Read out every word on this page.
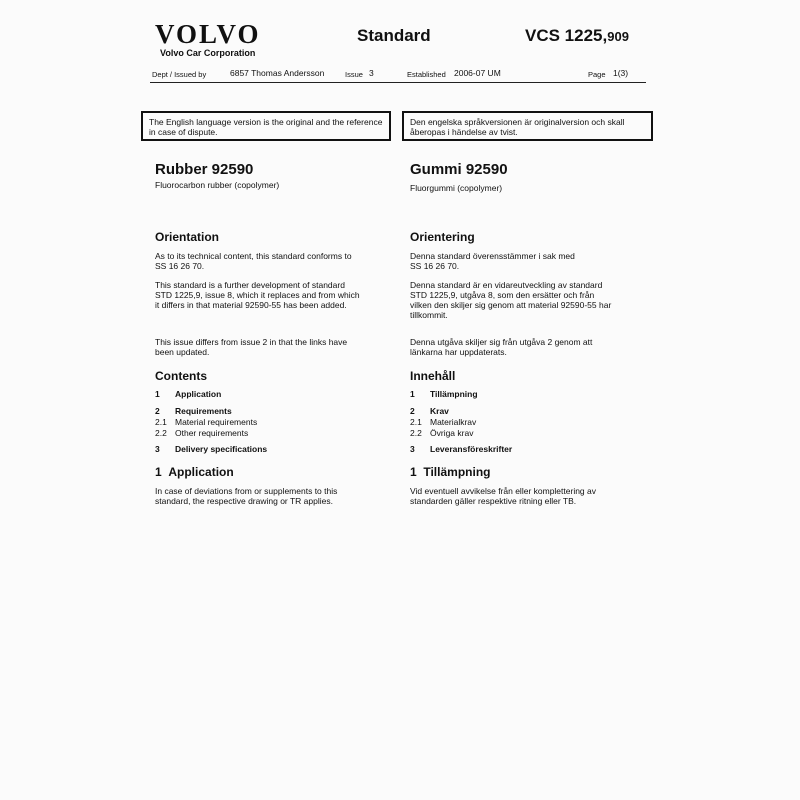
VOLVO
Volvo Car Corporation
Standard	VCS 1225,909
Dept / Issued by	6857 Thomas Andersson	Issue 3	Established 2006-07 UM	Page 1(3)
The English language version is the original and the reference in case of dispute.
Den engelska språkversionen är originalversion och skall åberopas i händelse av tvist.
Rubber 92590
Fluorocarbon rubber (copolymer)
Orientation
As to its technical content, this standard conforms to
SS 16 26 70.
This standard is a further development of standard
STD 1225,9, issue 8, which it replaces and from which
it differs in that material 92590-55 has been added.
This issue differs from issue 2 in that the links have
been updated.
Contents
1 Application
2 Requirements
2.1 Material requirements
2.2 Other requirements
3 Delivery specifications
1 Application
In case of deviations from or supplements to this
standard, the respective drawing or TR applies.
Gummi 92590
Fluorgummi (copolymer)
Orientering
Denna standard överensstämmer i sak med
SS 16 26 70.
Denna standard är en vidareutveckling av standard
STD 1225,9, utgåva 8, som den ersätter och från
vilken den skiljer sig genom att material 92590-55 har
tillkommit.
Denna utgåva skiljer sig från utgåva 2 genom att
länkarna har uppdaterats.
Innehåll
1 Tillämpning
2 Krav
2.1 Materialkrav
2.2 Övriga krav
3 Leveransföreskrifter
1 Tillämpning
Vid eventuell avvikelse från eller komplettering av
standarden gäller respektive ritning eller TB.
